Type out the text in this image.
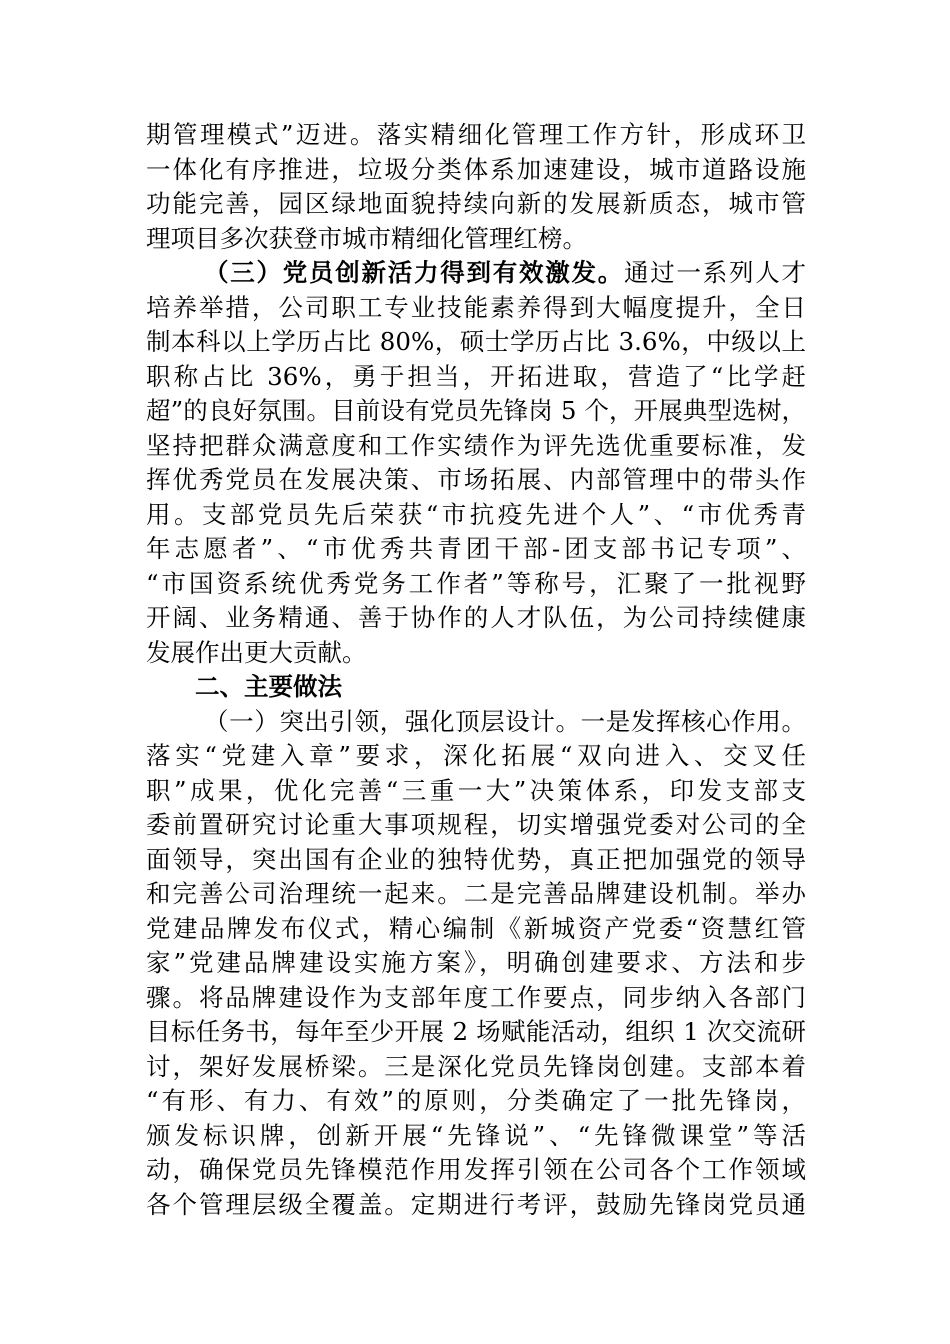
期管理模式”迈进。落实精细化管理工作方针，形成环卫
一体化有序推进，垃圾分类体系加速建设，城市道路设施
功能完善，园区绿地面貌持续向新的发展新质态，城市管
理项目多次获登市城市精细化管理红榜。
（三）党员创新活力得到有效激发。通过一系列人才
培养举措，公司职工专业技能素养得到大幅度提升，全日
制本科以上学历占比 80%，硕士学历占比 3.6%，中级以上
职称占比 36%，勇于担当，开拓进取，营造了“比学赶
超”的良好氛围。目前设有党员先锋岗 5 个，开展典型选树，
坚持把群众满意度和工作实绩作为评先选优重要标准，发
挥优秀党员在发展决策、市场拓展、内部管理中的带头作
用。支部党员先后荣获“市抗疫先进个人”、“市优秀青
年志愿者”、“市优秀共青团干部-团支部书记专项”、
“市国资系统优秀党务工作者”等称号，汇聚了一批视野
开阔、业务精通、善于协作的人才队伍，为公司持续健康
发展作出更大贡献。
二、主要做法
（一）突出引领，强化顶层设计。一是发挥核心作用。
落实“党建入章”要求，深化拓展“双向进入、交叉任
职”成果，优化完善“三重一大”决策体系，印发支部支
委前置研究讨论重大事项规程，切实增强党委对公司的全
面领导，突出国有企业的独特优势，真正把加强党的领导
和完善公司治理统一起来。二是完善品牌建设机制。举办
党建品牌发布仪式，精心编制《新城资产党委“资慧红管
家”党建品牌建设实施方案》，明确创建要求、方法和步
骤。将品牌建设作为支部年度工作要点，同步纳入各部门
目标任务书，每年至少开展 2 场赋能活动，组织 1 次交流研
讨，架好发展桥梁。三是深化党员先锋岗创建。支部本着
“有形、有力、有效”的原则，分类确定了一批先锋岗，
颁发标识牌，创新开展“先锋说”、“先锋微课堂”等活
动，确保党员先锋模范作用发挥引领在公司各个工作领域
各个管理层级全覆盖。定期进行考评，鼓励先锋岗党员通
